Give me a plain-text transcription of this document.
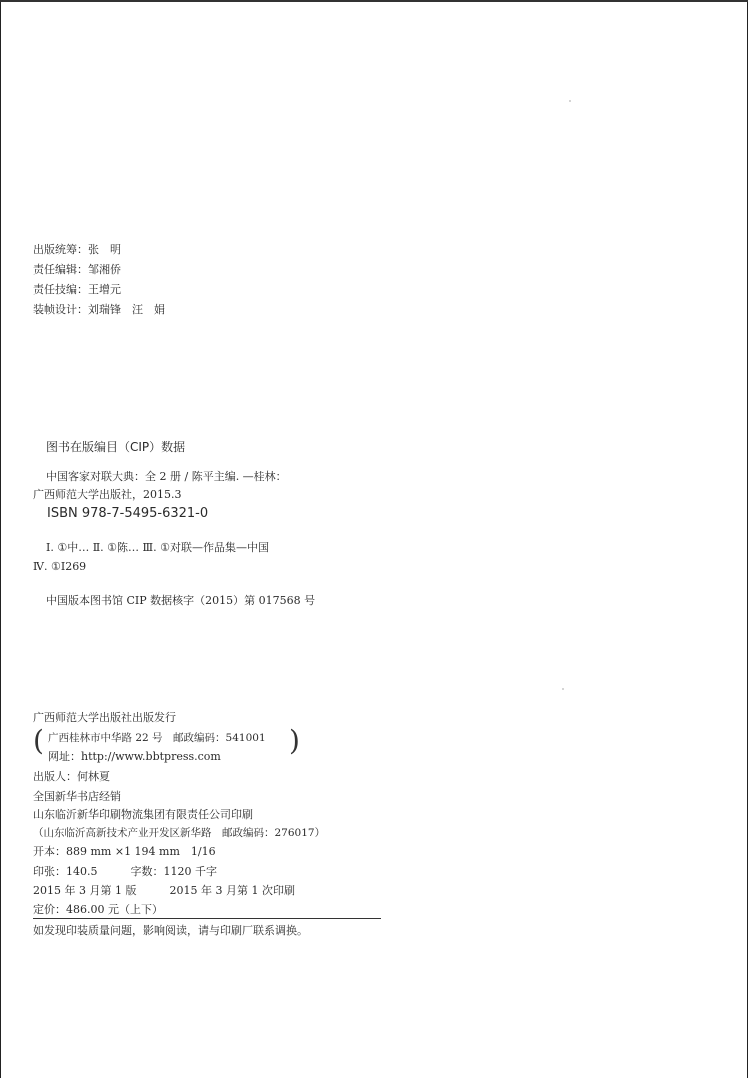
出版统筹：张　明
责任编辑：邹湘侨
责任技编：王增元
装帧设计：刘瑞锋　汪　娟
图书在版编目（CIP）数据
中国客家对联大典：全 2 册 / 陈平主编. —桂林：
广西师范大学出版社，2015.3
ISBN 978-7-5495-6321-0
Ⅰ. ①中… Ⅱ. ①陈… Ⅲ. ①对联—作品集—中国
Ⅳ. ①I269
中国版本图书馆 CIP 数据核字（2015）第 017568 号
广西师范大学出版社出版发行
( 广西桂林市中华路 22 号　邮政编码：541001 )
网址：http://www.bbtpress.com
出版人：何林夏
全国新华书店经销
山东临沂新华印刷物流集团有限责任公司印刷
（山东临沂高新技术产业开发区新华路　邮政编码：276017）
开本：889 mm ×1 194 mm　1/16
印张：140.5　　　字数：1120 千字
2015 年 3 月第 1 版　　　2015 年 3 月第 1 次印刷
定价：486.00 元（上下）
如发现印装质量问题，影响阅读，请与印刷厂联系调换。
